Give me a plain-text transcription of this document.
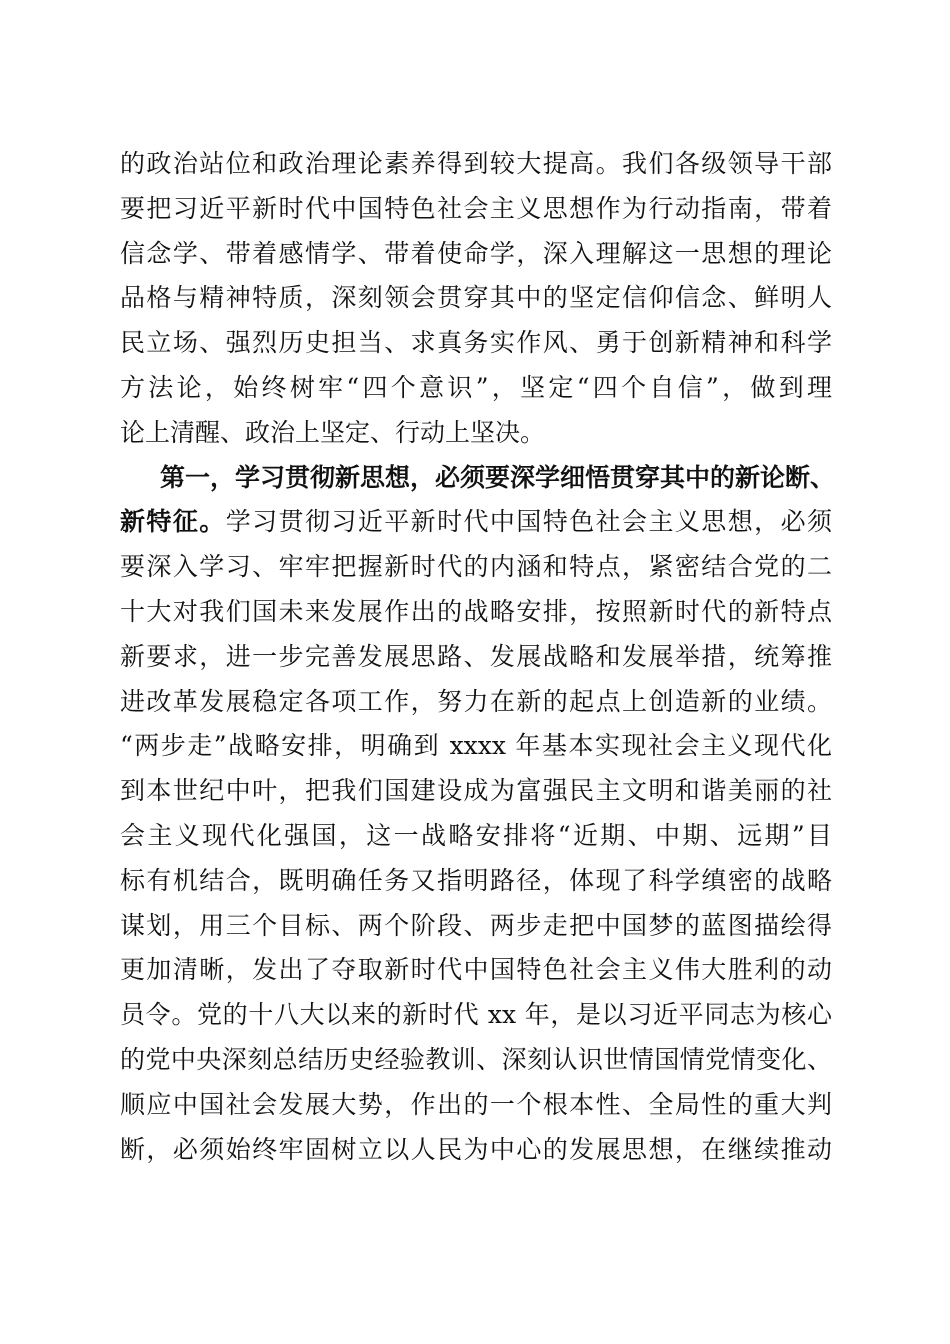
的政治站位和政治理论素养得到较大提高。我们各级领导干部
要把习近平新时代中国特色社会主义思想作为行动指南，带着
信念学、带着感情学、带着使命学，深入理解这一思想的理论
品格与精神特质，深刻领会贯穿其中的坚定信仰信念、鲜明人
民立场、强烈历史担当、求真务实作风、勇于创新精神和科学
方法论，始终树牢“四个意识”，坚定“四个自信”，做到理
论上清醒、政治上坚定、行动上坚决。
第一，学习贯彻新思想，必须要深学细悟贯穿其中的新论断、
新特征。学习贯彻习近平新时代中国特色社会主义思想，必须
要深入学习、牢牢把握新时代的内涵和特点，紧密结合党的二
十大对我们国未来发展作出的战略安排，按照新时代的新特点
新要求，进一步完善发展思路、发展战略和发展举措，统筹推
进改革发展稳定各项工作，努力在新的起点上创造新的业绩。
“两步走”战略安排，明确到 xxxx 年基本实现社会主义现代化
到本世纪中叶，把我们国建设成为富强民主文明和谐美丽的社
会主义现代化强国，这一战略安排将“近期、中期、远期”目
标有机结合，既明确任务又指明路径，体现了科学缜密的战略
谋划，用三个目标、两个阶段、两步走把中国梦的蓝图描绘得
更加清晰，发出了夺取新时代中国特色社会主义伟大胜利的动
员令。党的十八大以来的新时代 xx 年，是以习近平同志为核心
的党中央深刻总结历史经验教训、深刻认识世情国情党情变化、
顺应中国社会发展大势，作出的一个根本性、全局性的重大判
断，必须始终牢固树立以人民为中心的发展思想，在继续推动
